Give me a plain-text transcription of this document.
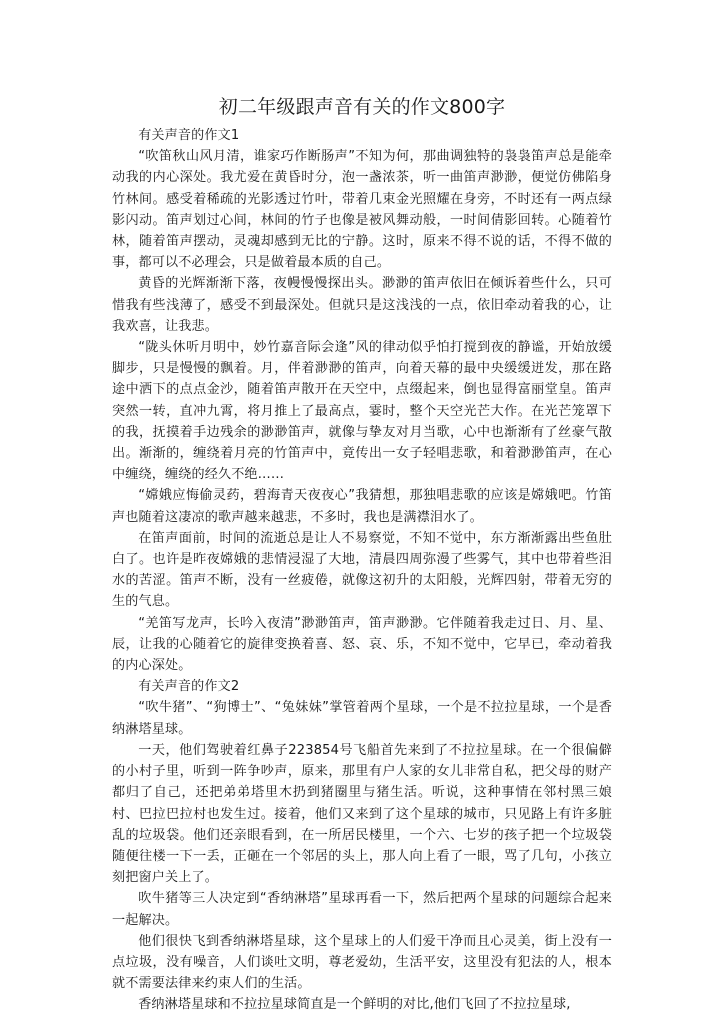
初二年级跟声音有关的作文800字

有关声音的作文1

“吹笛秋山风月清，谁家巧作断肠声”不知为何，那曲调独特的袅袅笛声总是能牵动我的内心深处。我尤爱在黄昏时分，泡一盏浓茶，听一曲笛声渺渺，便觉仿佛陷身竹林间。感受着稀疏的光影透过竹叶，带着几束金光照耀在身旁，不时还有一两点绿影闪动。笛声划过心间，林间的竹子也像是被风舞动般，一时间倩影回转。心随着竹林，随着笛声摆动，灵魂却感到无比的宁静。这时，原来不得不说的话，不得不做的事，都可以不必理会，只是做着最本质的自己。

黄昏的光辉渐渐下落，夜幔慢慢探出头。渺渺的笛声依旧在倾诉着些什么，只可惜我有些浅薄了，感受不到最深处。但就只是这浅浅的一点，依旧牵动着我的心，让我欢喜，让我悲。

“陇头休听月明中，妙竹嘉音际会逢”风的律动似乎怕打搅到夜的静谧，开始放缓脚步，只是慢慢的飘着。月，伴着渺渺的笛声，向着天幕的最中央缓缓迸发，那在路途中洒下的点点金沙，随着笛声散开在天空中，点缀起来，倒也显得富丽堂皇。笛声突然一转，直冲九霄，将月推上了最高点，霎时，整个天空光芒大作。在光芒笼罩下的我，抚摸着手边残余的渺渺笛声，就像与挚友对月当歌，心中也渐渐有了丝豪气散出。渐渐的，缠绕着月亮的竹笛声中，竟传出一女子轻唱悲歌，和着渺渺笛声，在心中缠绕，缠绕的经久不绝……

“嫦娥应悔偷灵药，碧海青天夜夜心”我猜想，那独唱悲歌的应该是嫦娥吧。竹笛声也随着这凄凉的歌声越来越悲，不多时，我也是满襟泪水了。

在笛声面前，时间的流逝总是让人不易察觉，不知不觉中，东方渐渐露出些鱼肚白了。也许是昨夜嫦娥的悲情浸湿了大地，清晨四周弥漫了些雾气，其中也带着些泪水的苦涩。笛声不断，没有一丝疲倦，就像这初升的太阳般，光辉四射，带着无穷的生的气息。

“羌笛写龙声，长吟入夜清”渺渺笛声，笛声渺渺。它伴随着我走过日、月、星、辰，让我的心随着它的旋律变换着喜、怒、哀、乐，不知不觉中，它早已，牵动着我的内心深处。

有关声音的作文2

“吹牛猪”、“狗博士”、“兔妹妹”掌管着两个星球，一个是不拉拉星球，一个是香纳淋塔星球。

一天，他们驾驶着红鼻子223854号飞船首先来到了不拉拉星球。在一个很偏僻的小村子里，听到一阵争吵声，原来，那里有户人家的女儿非常自私，把父母的财产都归了自己，还把弟弟塔里木扔到猪圈里与猪生活。听说，这种事情在邻村黑三娘村、巴拉巴拉村也发生过。接着，他们又来到了这个星球的城市，只见路上有许多脏乱的垃圾袋。他们还亲眼看到，在一所居民楼里，一个六、七岁的孩子把一个垃圾袋随便往楼一下一丢，正砸在一个邻居的头上，那人向上看了一眼，骂了几句，小孩立刻把窗户关上了。

吹牛猪等三人决定到“香纳淋塔”星球再看一下，然后把两个星球的问题综合起来一起解决。

他们很快飞到香纳淋塔星球，这个星球上的人们爱干净而且心灵美，街上没有一点垃圾，没有噪音，人们谈吐文明，尊老爱幼，生活平安，这里没有犯法的人，根本就不需要法律来约束人们的生活。

香纳淋塔星球和不拉拉星球简直是一个鲜明的对比,他们飞回了不拉拉星球,
